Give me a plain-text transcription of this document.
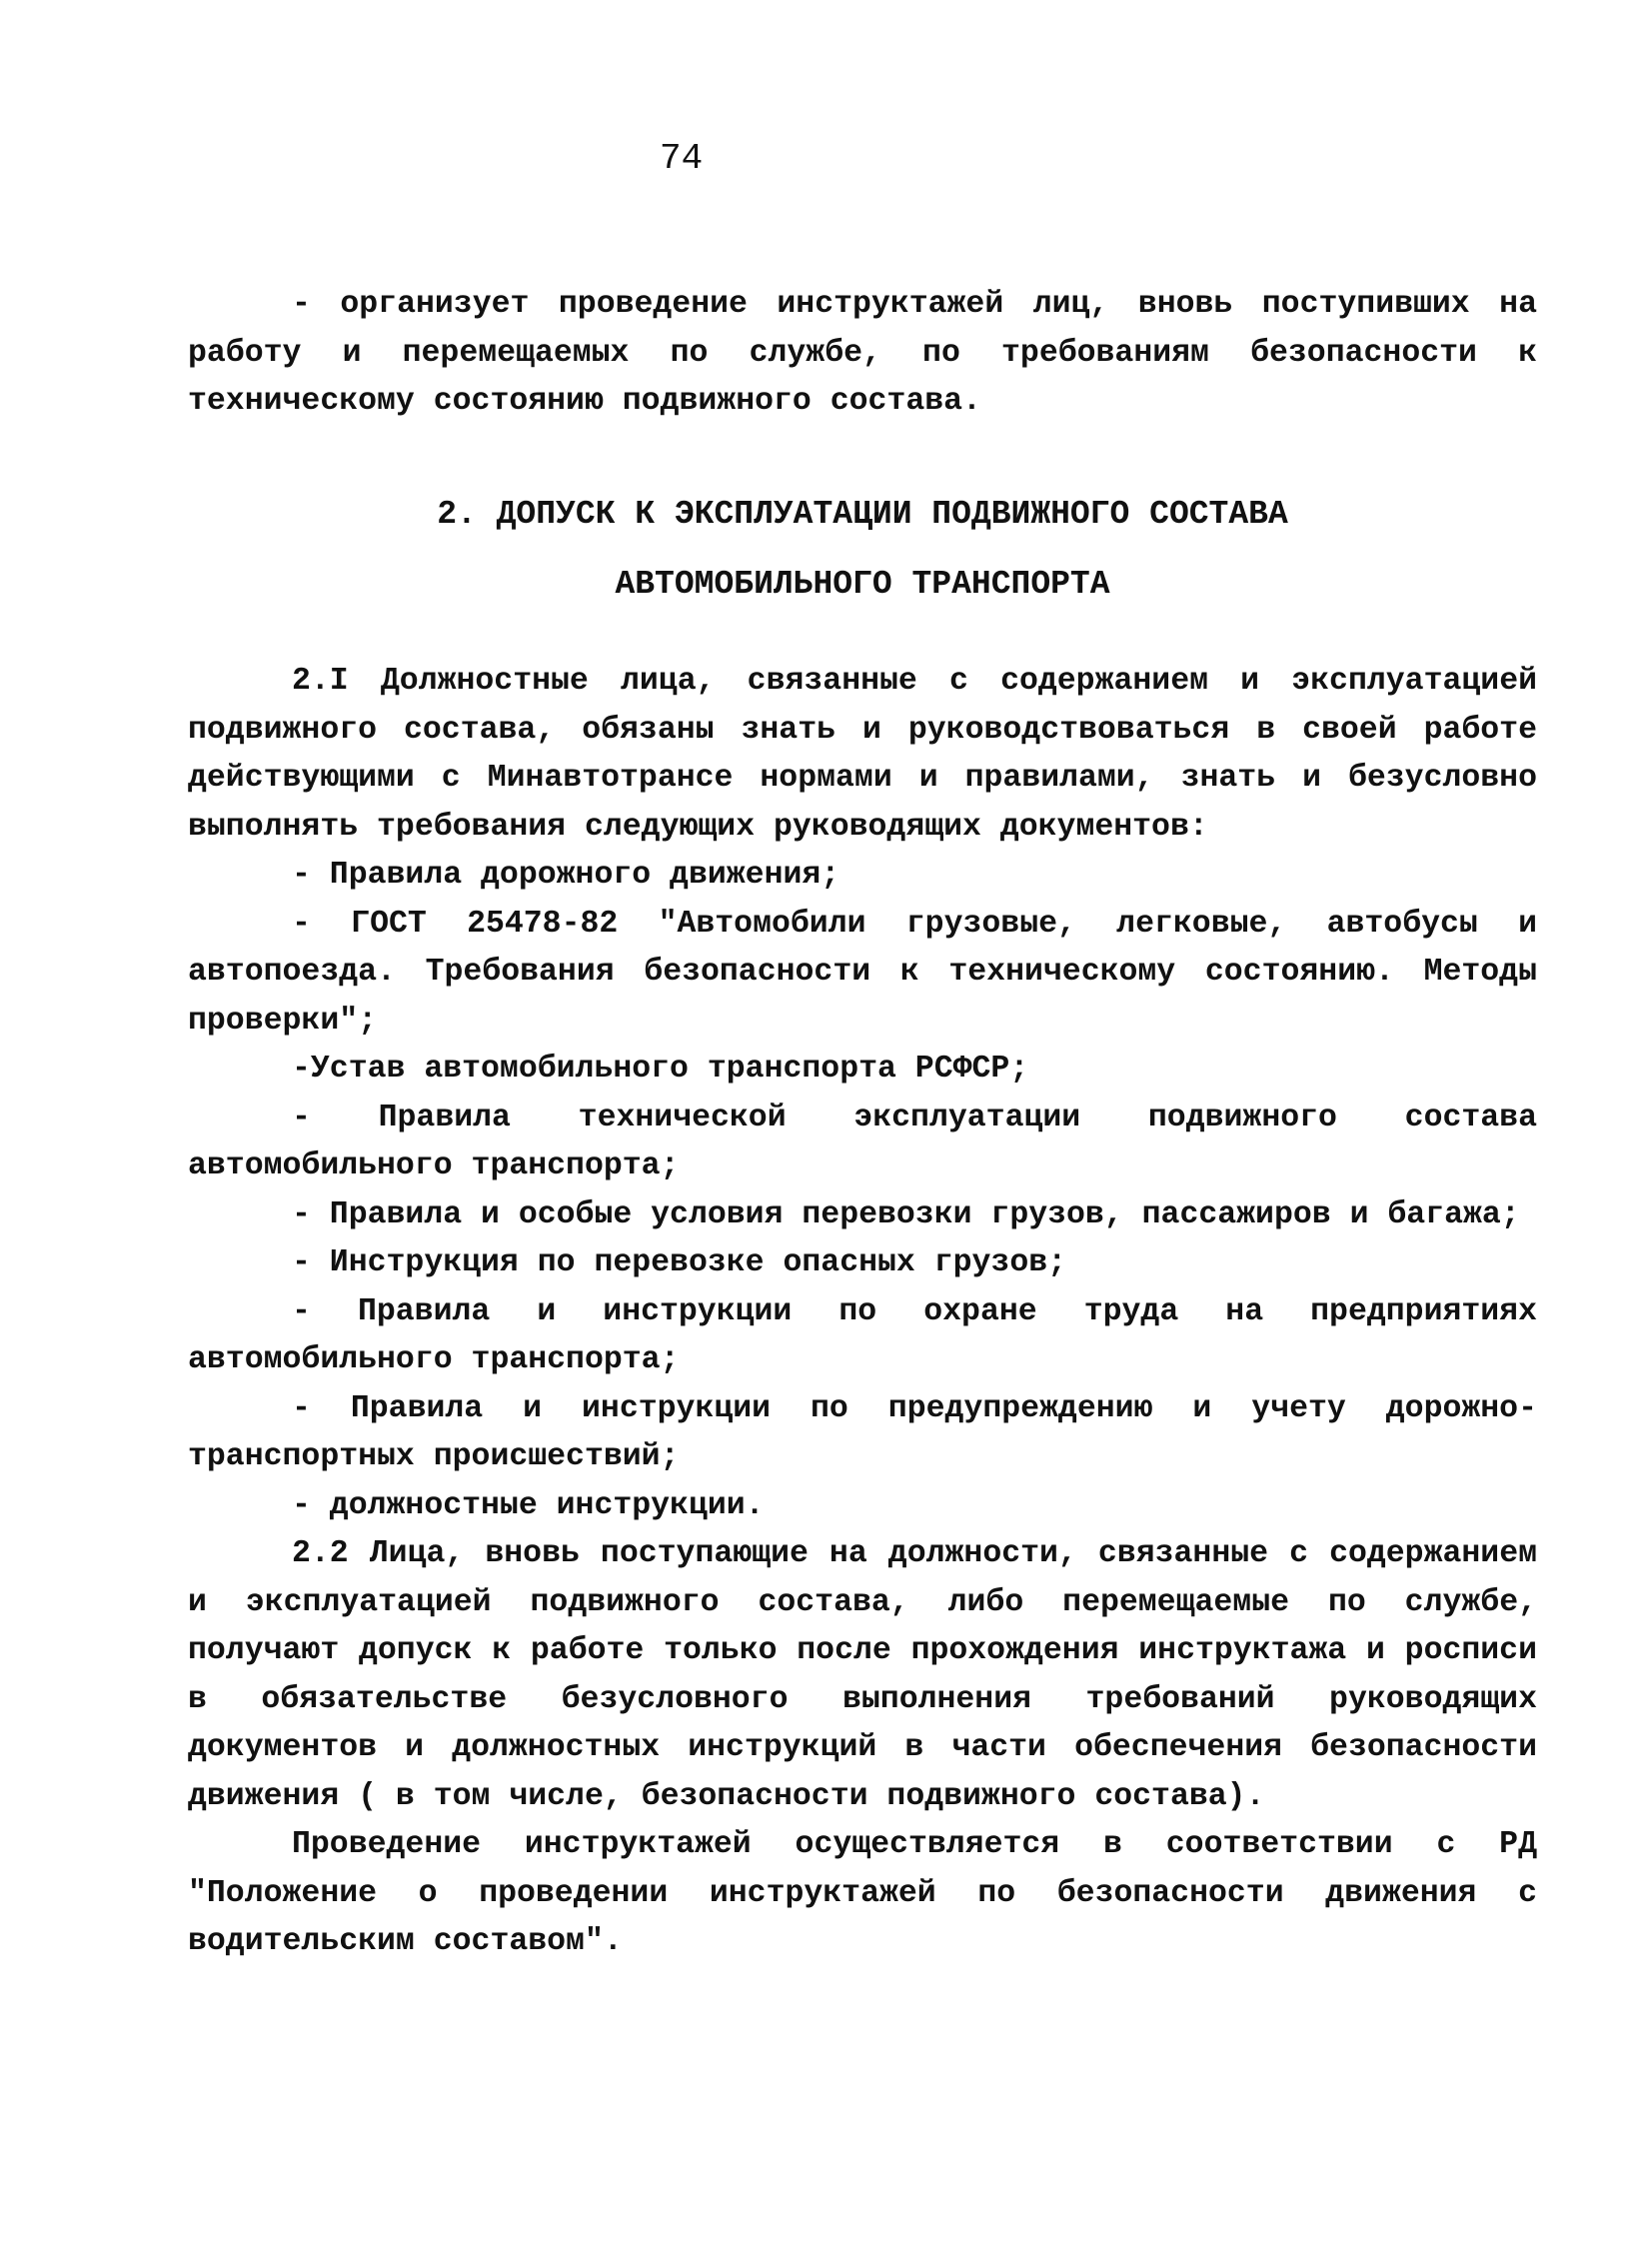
74

- организует проведение инструктажей лиц, вновь поступивших на работу и перемещаемых по службе, по требованиям безопасности к техническому состоянию подвижного состава.

2. ДОПУСК К ЭКСПЛУАТАЦИИ ПОДВИЖНОГО СОСТАВА

АВТОМОБИЛЬНОГО ТРАНСПОРТА

2.I Должностные лица, связанные с содержанием и эксплуатацией подвижного состава, обязаны знать и руководствоваться в своей работе действующими с Минавтотрансе нормами и правилами, знать и безусловно выполнять требования следующих руководящих документов:

- Правила дорожного движения;

- ГОСТ 25478-82 "Автомобили грузовые, легковые, автобусы и автопоезда. Требования безопасности к техническому состоянию. Методы проверки";

-Устав автомобильного транспорта РСФСР;

- Правила технической эксплуатации подвижного состава автомобильного транспорта;

- Правила и особые условия перевозки грузов, пассажиров и багажа;

- Инструкция по перевозке опасных грузов;

- Правила и инструкции по охране труда на предприятиях автомобильного транспорта;

- Правила и инструкции по предупреждению и учету дорожно-транспортных происшествий;

- должностные инструкции.

2.2 Лица, вновь поступающие на должности, связанные с содержанием и эксплуатацией подвижного состава, либо перемещаемые по службе, получают допуск к работе только после прохождения инструктажа и росписи в обязательстве безусловного выполнения требований руководящих документов и должностных инструкций в части обеспечения безопасности движения ( в том числе, безопасности подвижного состава).

Проведение инструктажей осуществляется в соответствии с РД "Положение о проведении инструктажей по безопасности движения с водительским составом".
